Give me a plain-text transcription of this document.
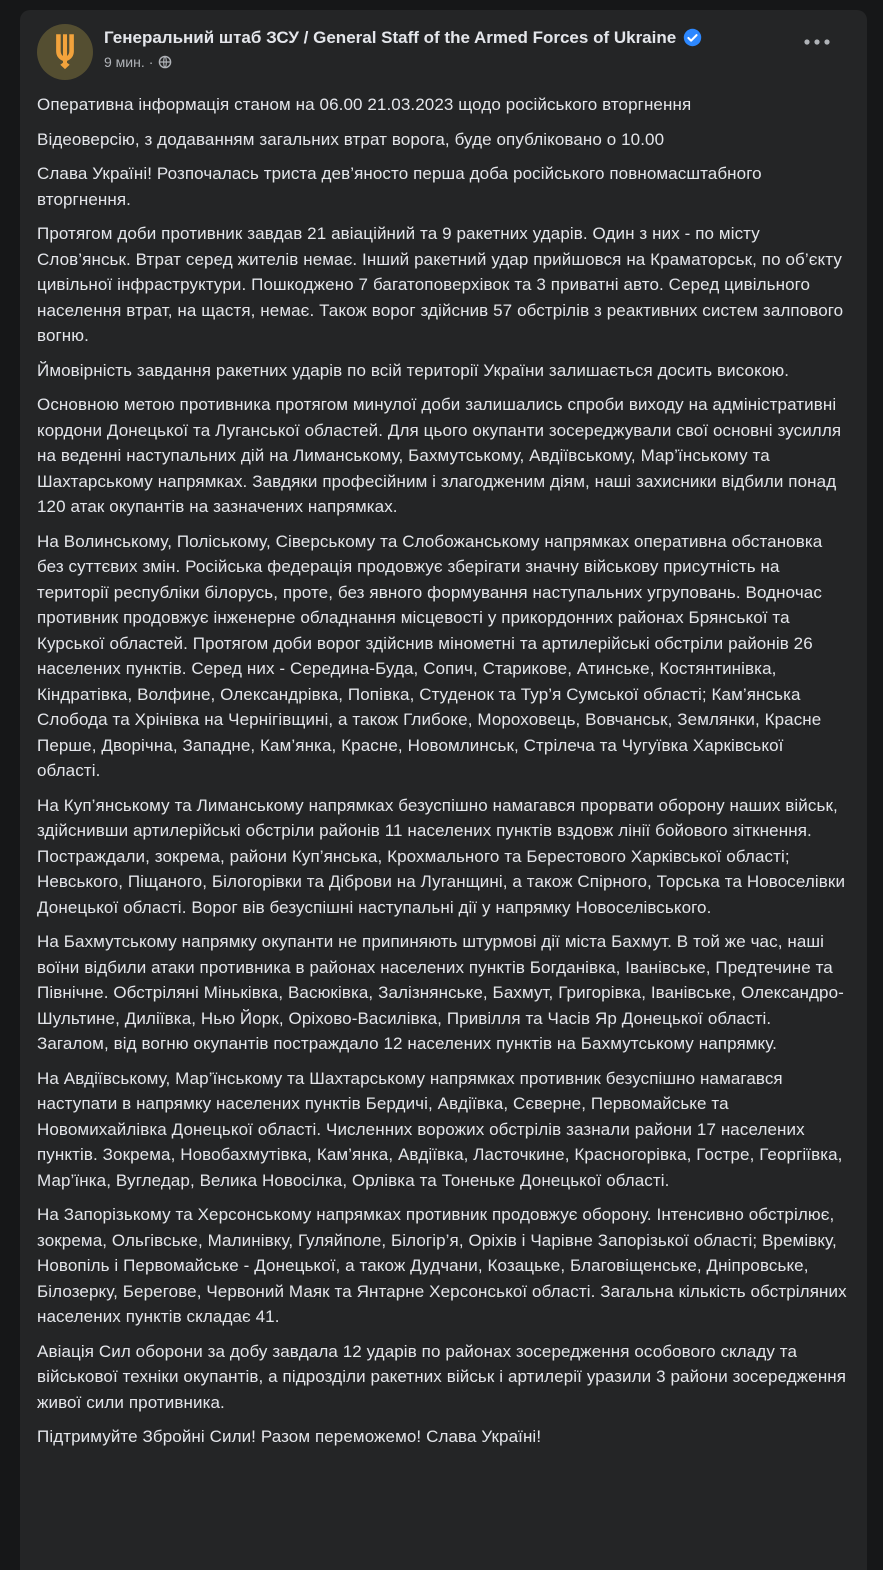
Генеральний штаб ЗСУ / General Staff of the Armed Forces of Ukraine
9 мин. ·

Оперативна інформація станом на 06.00 21.03.2023 щодо російського вторгнення

Відеоверсію, з додаванням загальних втрат ворога, буде опубліковано о 10.00

Слава Україні! Розпочалась триста дев’яносто перша доба російського повномасштабного вторгнення.

Протягом доби противник завдав 21 авіаційний та 9 ракетних ударів. Один з них - по місту Слов’янськ. Втрат серед жителів немає. Інший ракетний удар прийшовся на Краматорськ, по об’єкту цивільної інфраструктури. Пошкоджено 7 багатоповерхівок та 3 приватні авто. Серед цивільного населення втрат, на щастя, немає. Також ворог здійснив 57 обстрілів з реактивних систем залпового вогню.

Ймовірність завдання ракетних ударів по всій території України залишається досить високою.

Основною метою противника протягом минулої доби залишались спроби виходу на адміністративні кордони Донецької та Луганської областей. Для цього окупанти зосереджували свої основні зусилля на веденні наступальних дій на Лиманському, Бахмутському, Авдіївському, Мар’їнському та Шахтарському напрямках. Завдяки професійним і злагодженим діям, наші захисники відбили понад 120 атак окупантів на зазначених напрямках.

На Волинському, Поліському, Сіверському та Слобожанському напрямках оперативна обстановка без суттєвих змін. Російська федерація продовжує зберігати значну військову присутність на території республіки білорусь, проте, без явного формування наступальних угруповань. Водночас противник продовжує інженерне обладнання місцевості у прикордонних районах Брянської та Курської областей. Протягом доби ворог здійснив мінометні та артилерійські обстріли районів 26 населених пунктів. Серед них - Середина-Буда, Сопич, Старикове, Атинське, Костянтинівка, Кіндратівка, Волфине, Олександрівка, Попівка, Студенок та Тур’я Сумської області; Кам’янська Слобода та Хрінівка на Чернігівщині, а також Глибоке, Мороховець, Вовчанськ, Землянки, Красне Перше, Дворічна, Западне, Кам’янка, Красне, Новомлинськ, Стрілеча та Чугуївка Харківської області.

На Куп’янському та Лиманському напрямках безуспішно намагався прорвати оборону наших військ, здійснивши артилерійські обстріли районів 11 населених пунктів вздовж лінії бойового зіткнення. Постраждали, зокрема, райони Куп’янська, Крохмального та Берестового Харківської області; Невського, Піщаного, Білогорівки та Діброви на Луганщині, а також Спірного, Торська та Новоселівки Донецької області. Ворог вів безуспішні наступальні дії у напрямку Новоселівського.

На Бахмутському напрямку окупанти не припиняють штурмові дії міста Бахмут. В той же час, наші воїни відбили атаки противника в районах населених пунктів Богданівка, Іванівське, Предтечине та Північне. Обстріляні Міньківка, Васюківка, Залізнянське, Бахмут, Григорівка, Іванівське, Олександро-Шультине, Диліївка, Нью Йорк, Оріхово-Василівка, Привілля та Часів Яр Донецької області. Загалом, від вогню окупантів постраждало 12 населених пунктів на Бахмутському напрямку.

На Авдіївському, Мар’їнському та Шахтарському напрямках противник безуспішно намагався наступати в напрямку населених пунктів Бердичі, Авдіївка, Сєверне, Первомайське та Новомихайлівка Донецької області. Численних ворожих обстрілів зазнали райони 17 населених пунктів. Зокрема, Новобахмутівка, Кам’янка, Авдіївка, Ласточкине, Красногорівка, Гостре, Георгіївка, Мар’їнка, Вугледар, Велика Новосілка, Орлівка та Тоненьке Донецької області.

На Запорізькому та Херсонському напрямках противник продовжує оборону. Інтенсивно обстрілює, зокрема, Ольгівське, Малинівку, Гуляйполе, Білогір’я, Оріхів і Чарівне Запорізької області; Времівку, Новопіль і Первомайське - Донецької, а також Дудчани, Козацьке, Благовіщенське, Дніпровське, Білозерку, Берегове, Червоний Маяк та Янтарне Херсонської області. Загальна кількість обстріляних населених пунктів складає 41.

Авіація Сил оборони за добу завдала 12 ударів по районах зосередження особового складу та військової техніки окупантів, а підрозділи ракетних військ і артилерії уразили 3 райони зосередження живої сили противника.

Підтримуйте Збройні Сили! Разом переможемо! Слава Україні!
